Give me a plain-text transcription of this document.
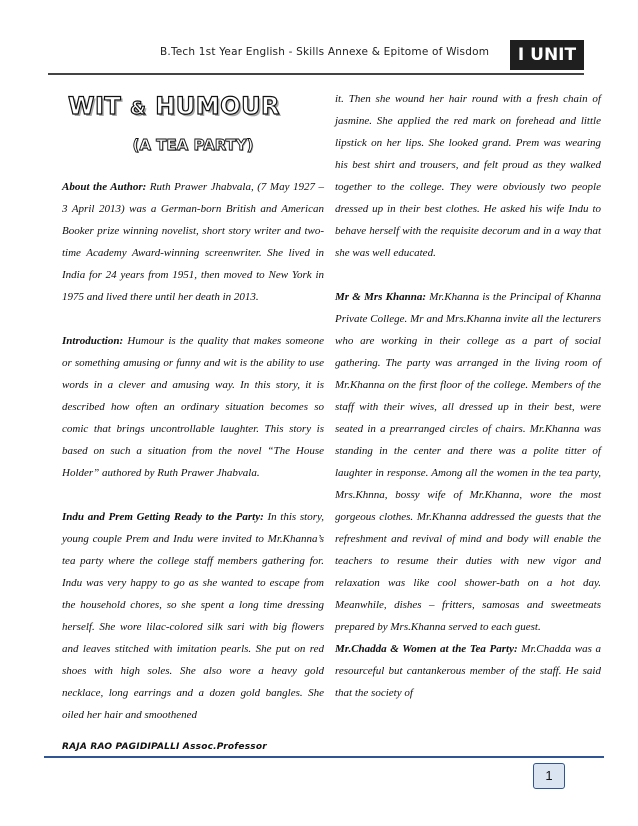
B.Tech 1st Year English - Skills Annexe & Epitome of Wisdom	I UNIT
WIT & HUMOUR
(A TEA PARTY)

About the Author: Ruth Prawer Jhabvala, (7 May 1927 – 3 April 2013) was a German-born British and American Booker prize winning novelist, short story writer and two-time Academy Award-winning screenwriter. She lived in India for 24 years from 1951, then moved to New York in 1975 and lived there until her death in 2013.

Introduction: Humour is the quality that makes someone or something amusing or funny and wit is the ability to use words in a clever and amusing way. In this story, it is described how often an ordinary situation becomes so comic that brings uncontrollable laughter. This story is based on such a situation from the novel “The House Holder” authored by Ruth Prawer Jhabvala.

Indu and Prem Getting Ready to the Party: In this story, young couple Prem and Indu were invited to Mr.Khanna’s tea party where the college staff members gathering for. Indu was very happy to go as she wanted to escape from the household chores, so she spent a long time dressing herself. She wore lilac-colored silk sari with big flowers and leaves stitched with imitation pearls. She put on red shoes with high soles. She also wore a heavy gold necklace, long earrings and a dozen gold bangles. She oiled her hair and smoothened

it. Then she wound her hair round with a fresh chain of jasmine. She applied the red mark on forehead and little lipstick on her lips. She looked grand. Prem was wearing his best shirt and trousers, and felt proud as they walked together to the college. They were obviously two people dressed up in their best clothes. He asked his wife Indu to behave herself with the requisite decorum and in a way that she was well educated.

Mr & Mrs Khanna: Mr.Khanna is the Principal of Khanna Private College. Mr and Mrs.Khanna invite all the lecturers who are working in their college as a part of social gathering. The party was arranged in the living room of Mr.Khanna on the first floor of the college. Members of the staff with their wives, all dressed up in their best, were seated in a prearranged circles of chairs. Mr.Khanna was standing in the center and there was a polite titter of laughter in response. Among all the women in the tea party, Mrs.Khnna, bossy wife of Mr.Khanna, wore the most gorgeous clothes. Mr.Khanna addressed the guests that the refreshment and revival of mind and body will enable the teachers to resume their duties with new vigor and relaxation was like cool shower-bath on a hot day. Meanwhile, dishes – fritters, samosas and sweetmeats prepared by Mrs.Khanna served to each guest.

Mr.Chadda & Women at the Tea Party: Mr.Chadda was a resourceful but cantankerous member of the staff. He said that the society of

RAJA RAO PAGIDIPALLI Assoc.Professor
1
